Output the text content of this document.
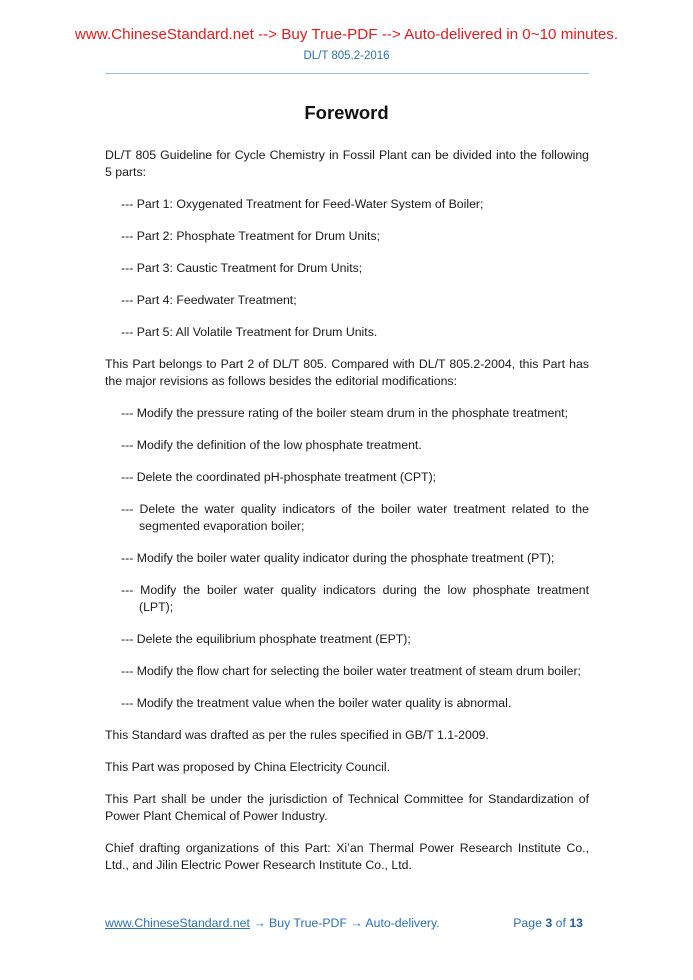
www.ChineseStandard.net --> Buy True-PDF --> Auto-delivered in 0~10 minutes.
DL/T 805.2-2016
Foreword

DL/T 805 Guideline for Cycle Chemistry in Fossil Plant can be divided into the following 5 parts:

--- Part 1: Oxygenated Treatment for Feed-Water System of Boiler;
--- Part 2: Phosphate Treatment for Drum Units;
--- Part 3: Caustic Treatment for Drum Units;
--- Part 4: Feedwater Treatment;
--- Part 5: All Volatile Treatment for Drum Units.

This Part belongs to Part 2 of DL/T 805. Compared with DL/T 805.2-2004, this Part has the major revisions as follows besides the editorial modifications:

--- Modify the pressure rating of the boiler steam drum in the phosphate treatment;
--- Modify the definition of the low phosphate treatment.
--- Delete the coordinated pH-phosphate treatment (CPT);
--- Delete the water quality indicators of the boiler water treatment related to the segmented evaporation boiler;
--- Modify the boiler water quality indicator during the phosphate treatment (PT);
--- Modify the boiler water quality indicators during the low phosphate treatment (LPT);
--- Delete the equilibrium phosphate treatment (EPT);
--- Modify the flow chart for selecting the boiler water treatment of steam drum boiler;
--- Modify the treatment value when the boiler water quality is abnormal.

This Standard was drafted as per the rules specified in GB/T 1.1-2009.

This Part was proposed by China Electricity Council.

This Part shall be under the jurisdiction of Technical Committee for Standardization of Power Plant Chemical of Power Industry.

Chief drafting organizations of this Part: Xi’an Thermal Power Research Institute Co., Ltd., and Jilin Electric Power Research Institute Co., Ltd.

www.ChineseStandard.net → Buy True-PDF → Auto-delivery.	Page 3 of 13
